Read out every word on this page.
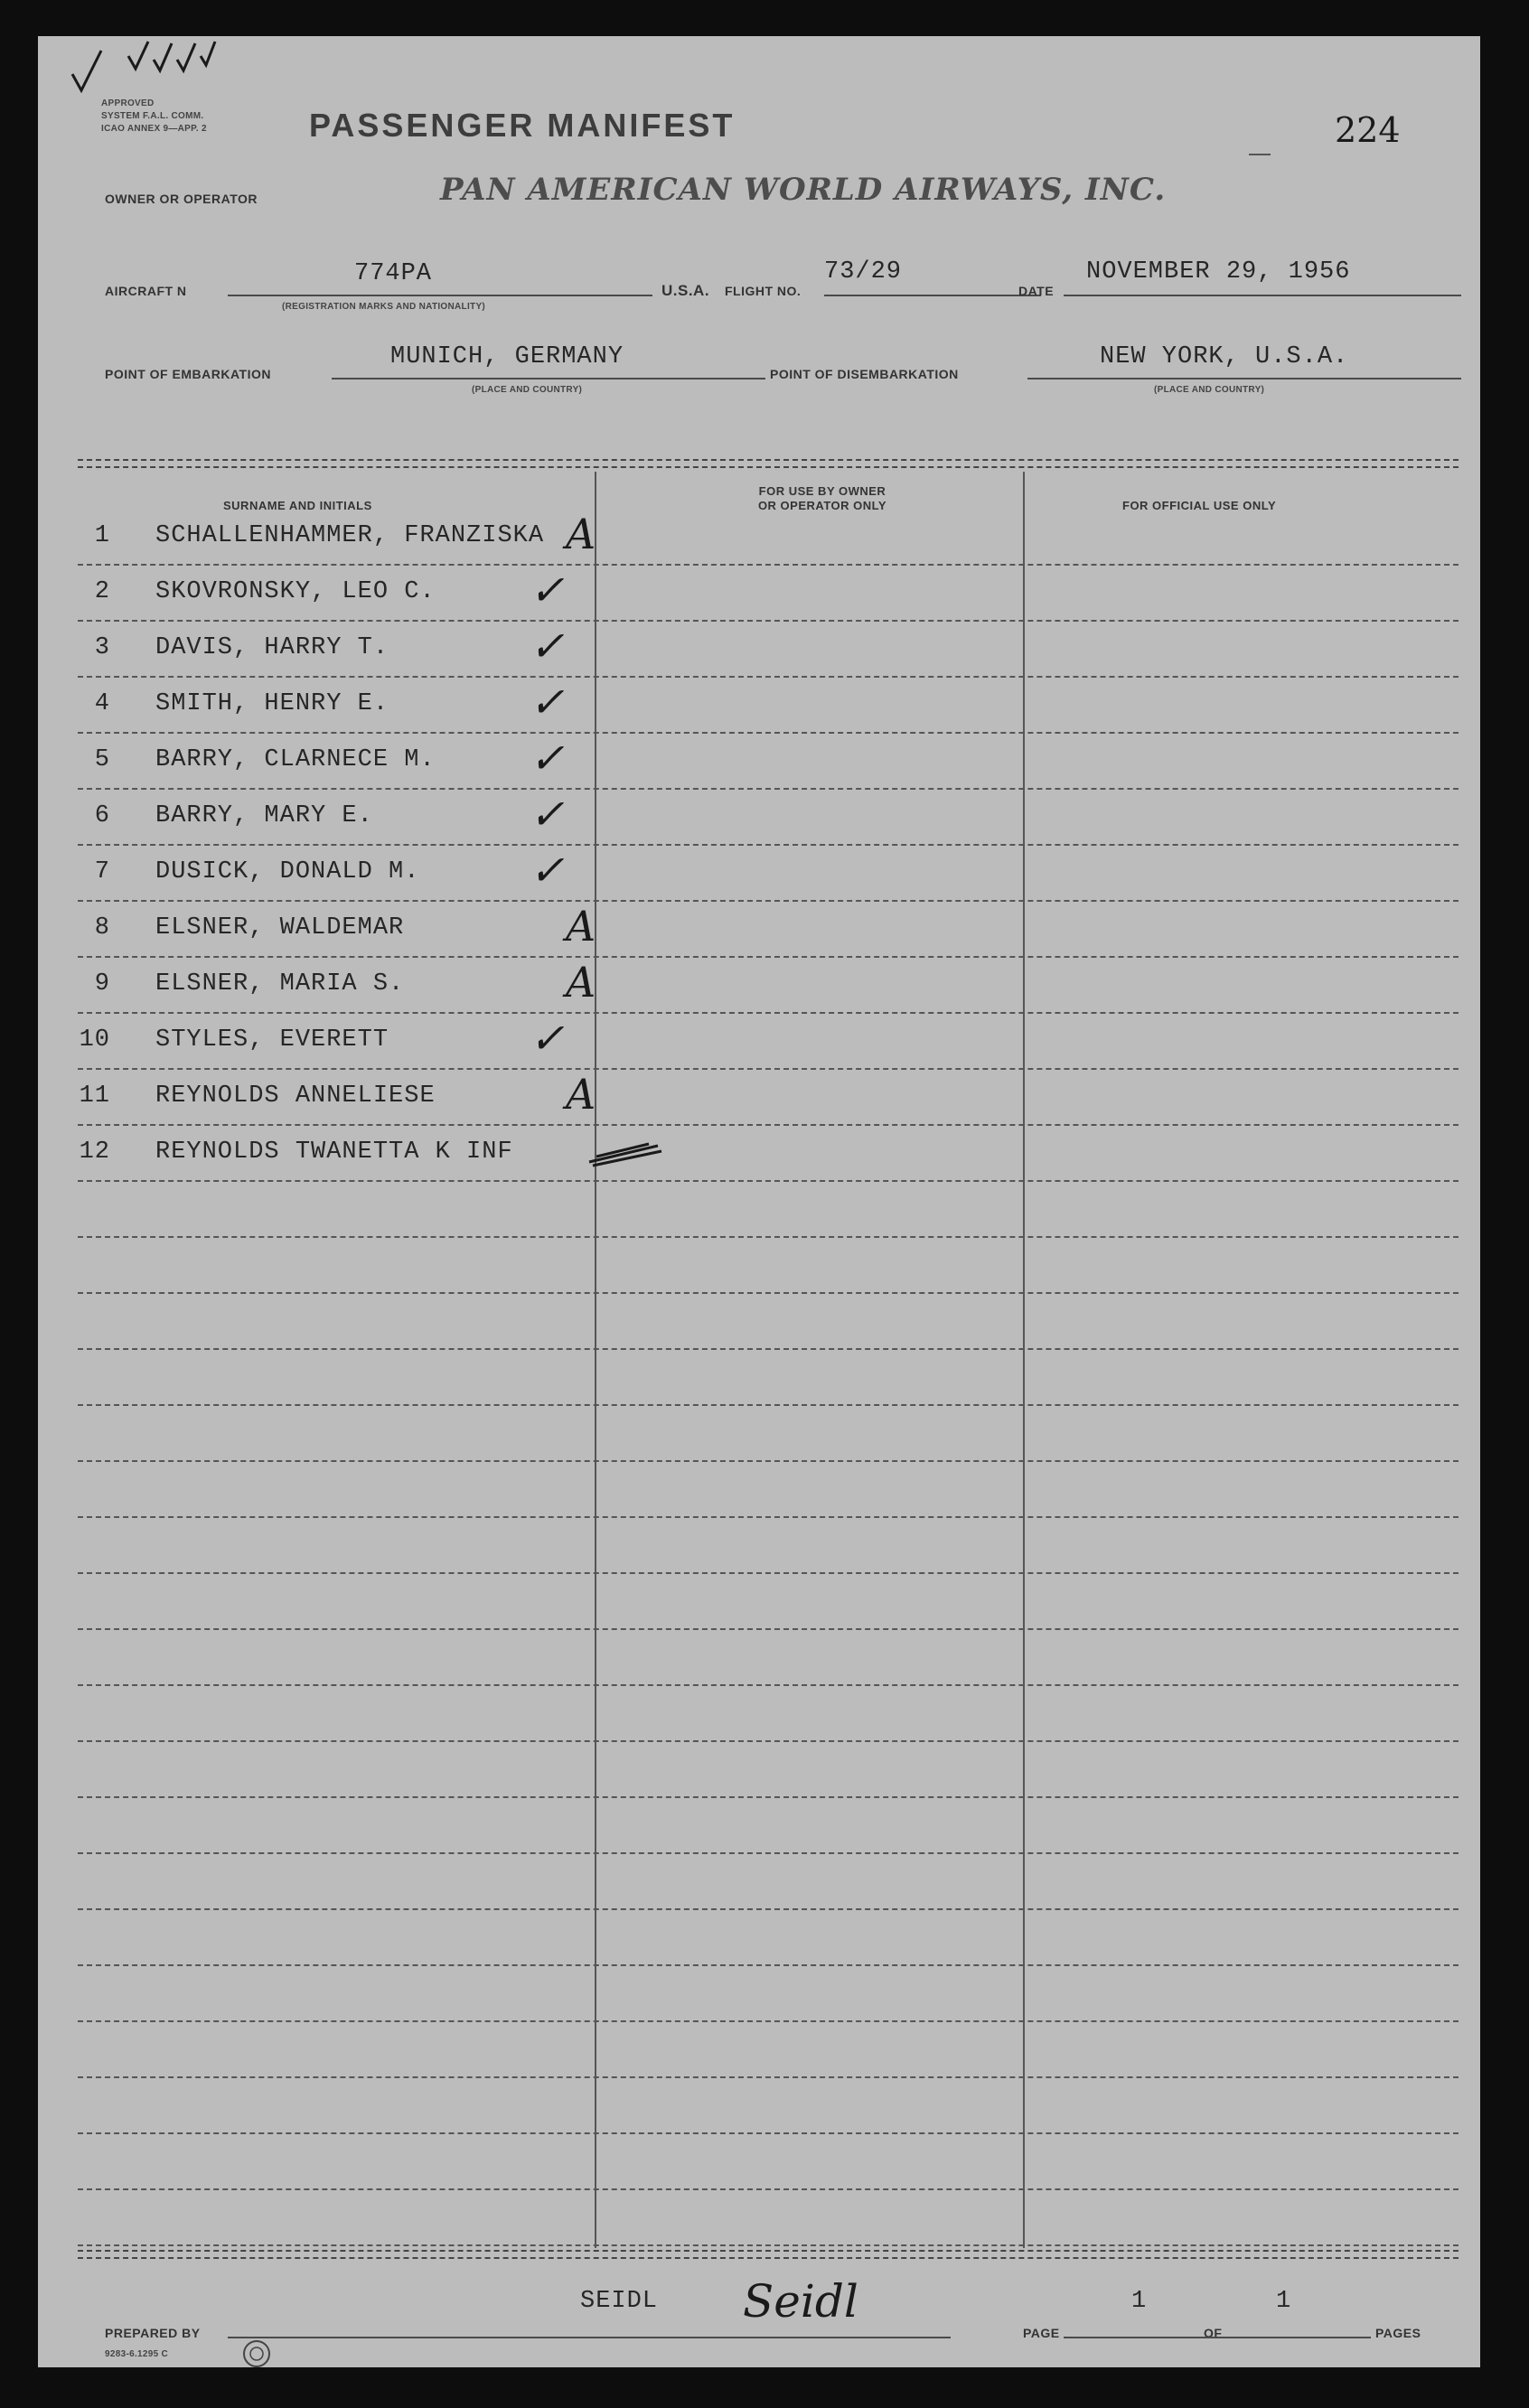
APPROVED
SYSTEM F.A.L. COMM.
ICAO ANNEX 9—APP. 2	PASSENGER MANIFEST	224
OWNER OR OPERATOR	PAN AMERICAN WORLD AIRWAYS, INC.
AIRCRAFT N
774PA
(REGISTRATION MARKS AND NATIONALITY)
U.S.A. FLIGHT NO.
73/29
DATE
NOVEMBER 29, 1956
POINT OF EMBARKATION
MUNICH, GERMANY
(PLACE AND COUNTRY)
POINT OF DISEMBARKATION
NEW YORK, U.S.A.
(PLACE AND COUNTRY)
SURNAME AND INITIALS
FOR USE BY OWNER
OR OPERATOR ONLY	FOR OFFICIAL USE ONLY
1 SCHALLENHAMMER, FRANZISKA A
2 SKOVRONSKY, LEO C. ✓
3 DAVIS, HARRY T.	✓
4 SMITH, HENRY E.	✓
5 BARRY, CLARNECE M. ✓
6 BARRY, MARY E.	✓
7 DUSICK, DONALD M.	✓
8 ELSNER, WALDEMAR	A
9 ELSNER, MARIA S.	A
10 STYLES, EVERETT	✓
11 REYNOLDS ANNELIESE	A
12 REYNOLDS TWANETTA K INF
SEIDL Seidl
PREPARED BY
9283-6.1295 C
PAGE
1
OF
1
PAGES
